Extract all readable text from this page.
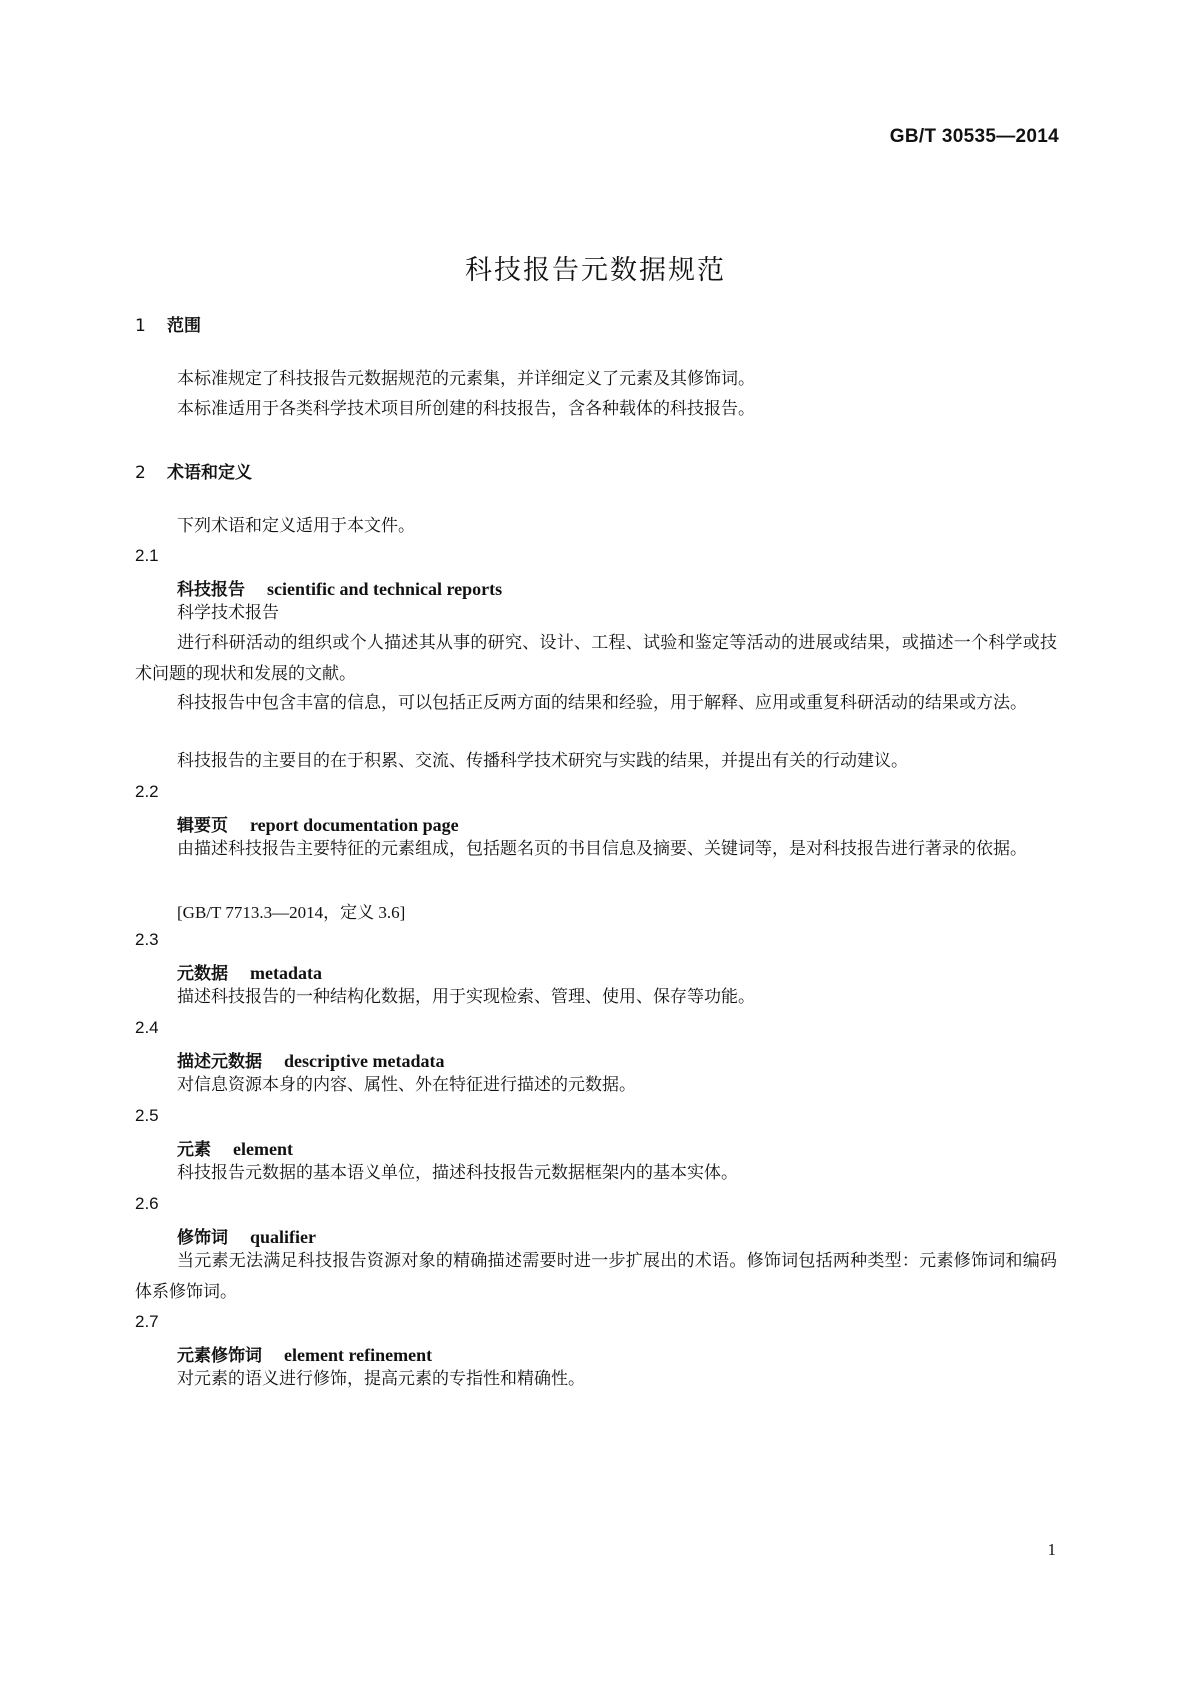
GB/T 30535—2014
科技报告元数据规范
1 范围

本标准规定了科技报告元数据规范的元素集，并详细定义了元素及其修饰词。

本标准适用于各类科学技术项目所创建的科技报告，含各种载体的科技报告。

2 术语和定义

下列术语和定义适用于本文件。

2.1
科技报告 scientific and technical reports

科学技术报告

进行科研活动的组织或个人描述其从事的研究、设计、工程、试验和鉴定等活动的进展或结果，或描述一个科学或技术问题的现状和发展的文献。

科技报告中包含丰富的信息，可以包括正反两方面的结果和经验，用于解释、应用或重复科研活动的结果或方法。

科技报告的主要目的在于积累、交流、传播科学技术研究与实践的结果，并提出有关的行动建议。

2.2
辑要页 report documentation page

由描述科技报告主要特征的元素组成，包括题名页的书目信息及摘要、关键词等，是对科技报告进行著录的依据。

[GB/T 7713.3—2014，定义 3.6]
2.3
元数据 metadata

描述科技报告的一种结构化数据，用于实现检索、管理、使用、保存等功能。

2.4
描述元数据 descriptive metadata

对信息资源本身的内容、属性、外在特征进行描述的元数据。

2.5
元素 element

科技报告元数据的基本语义单位，描述科技报告元数据框架内的基本实体。

2.6
修饰词 qualifier

当元素无法满足科技报告资源对象的精确描述需要时进一步扩展出的术语。修饰词包括两种类型：元素修饰词和编码体系修饰词。

2.7
元素修饰词 element refinement

对元素的语义进行修饰，提高元素的专指性和精确性。

1
